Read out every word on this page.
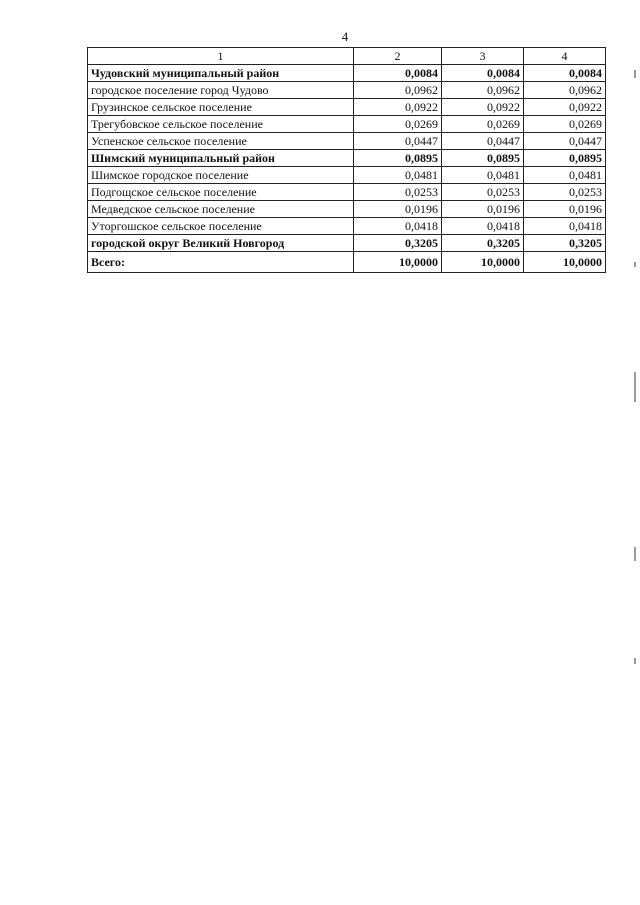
4
1	2	3	4
Чудовский муниципальный район	0,0084	0,0084	0,0084
городское поселение город Чудово	0,0962	0,0962	0,0962
Грузинское сельское поселение	0,0922	0,0922	0,0922
Трегубовское сельское поселение	0,0269	0,0269	0,0269
Успенское сельское поселение	0,0447	0,0447	0,0447
Шимский муниципальный район	0,0895	0,0895	0,0895
Шимское городское поселение	0,0481	0,0481	0,0481
Подгощское сельское поселение	0,0253	0,0253	0,0253
Медведское сельское поселение	0,0196	0,0196	0,0196
Уторгошское сельское поселение	0,0418	0,0418	0,0418
городской округ Великий Новгород	0,3205	0,3205	0,3205
Всего:	10,0000	10,0000	10,0000
